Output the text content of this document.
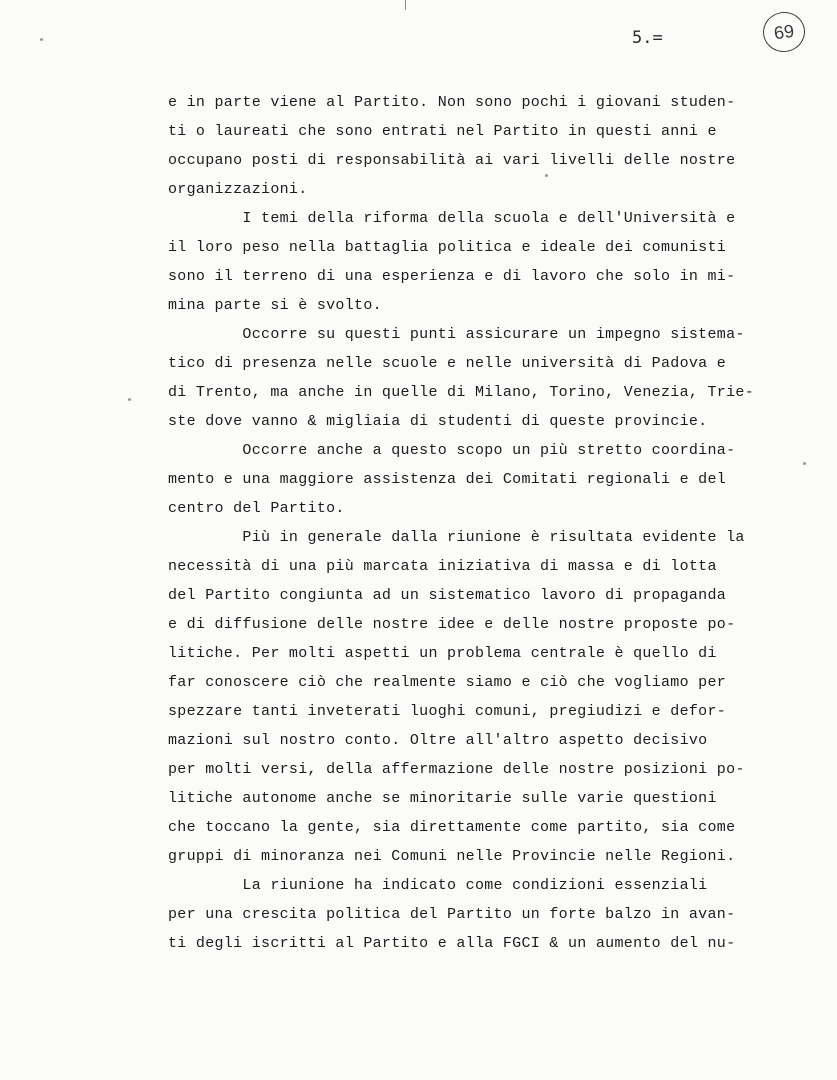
5.=	69
e in parte viene al Partito. Non sono pochi i giovani studen-
ti o laureati che sono entrati nel Partito in questi anni e
occupano posti di responsabilità ai vari livelli delle nostre
organizzazioni.
I temi della riforma della scuola e dell'Università e
il loro peso nella battaglia politica e ideale dei comunisti
sono il terreno di una esperienza e di lavoro che solo in mi-
mina parte si è svolto.
Occorre su questi punti assicurare un impegno sistema-
tico di presenza nelle scuole e nelle università di Padova e
di Trento, ma anche in quelle di Milano, Torino, Venezia, Trie-
ste dove vanno & migliaia di studenti di queste provincie.
Occorre anche a questo scopo un più stretto coordina-
mento e una maggiore assistenza dei Comitati regionali e del
centro del Partito.
Più in generale dalla riunione è risultata evidente la
necessità di una più marcata iniziativa di massa e di lotta
del Partito congiunta ad un sistematico lavoro di propaganda
e di diffusione delle nostre idee e delle nostre proposte po-
litiche. Per molti aspetti un problema centrale è quello di
far conoscere ciò che realmente siamo e ciò che vogliamo per
spezzare tanti inveterati luoghi comuni, pregiudizi e defor-
mazioni sul nostro conto. Oltre all'altro aspetto decisivo
per molti versi, della affermazione delle nostre posizioni po-
litiche autonome anche se minoritarie sulle varie questioni
che toccano la gente, sia direttamente come partito, sia come
gruppi di minoranza nei Comuni nelle Provincie nelle Regioni.
La riunione ha indicato come condizioni essenziali
per una crescita politica del Partito un forte balzo in avan-
ti degli iscritti al Partito e alla FGCI & un aumento del nu-
